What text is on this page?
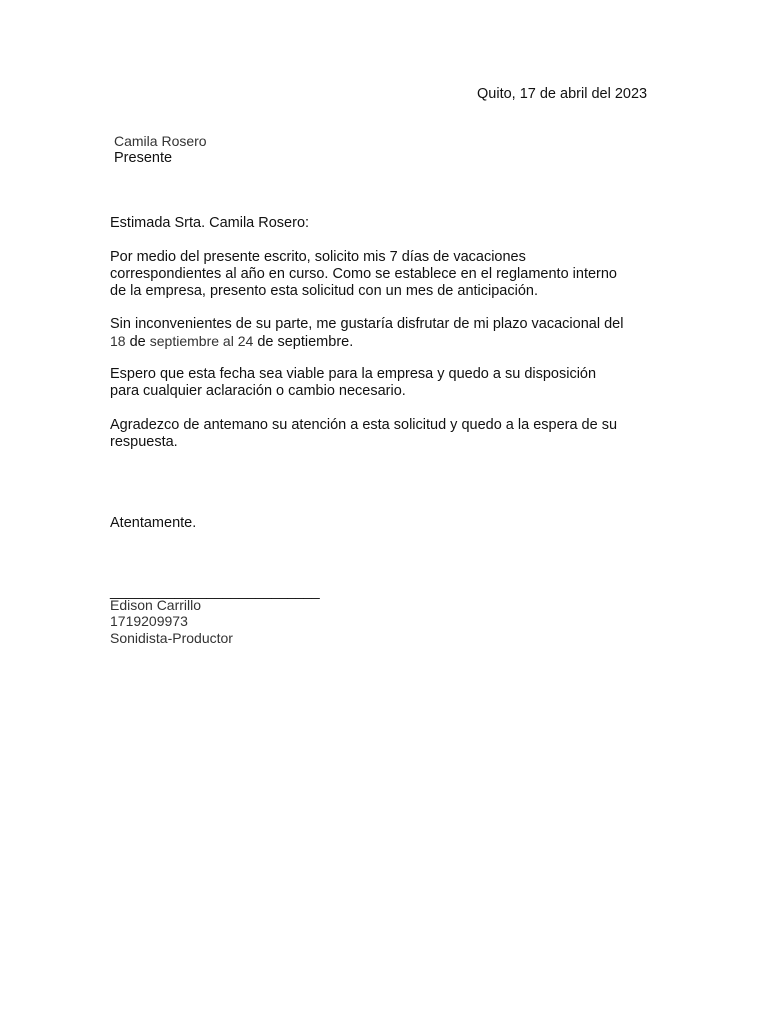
Quito, 17 de abril del 2023
Camila Rosero
Presente
Estimada Srta. Camila Rosero:
Por medio del presente escrito, solicito mis 7 días de vacaciones
correspondientes al año en curso. Como se establece en el reglamento interno
de la empresa, presento esta solicitud con un mes de anticipación.
Sin inconvenientes de su parte, me gustaría disfrutar de mi plazo vacacional del
18 de septiembre al 24 de septiembre.
Espero que esta fecha sea viable para la empresa y quedo a su disposición
para cualquier aclaración o cambio necesario.
Agradezco de antemano su atención a esta solicitud y quedo a la espera de su
respuesta.
Atentamente.
__________________________
Edison Carrillo
1719209973
Sonidista-Productor
